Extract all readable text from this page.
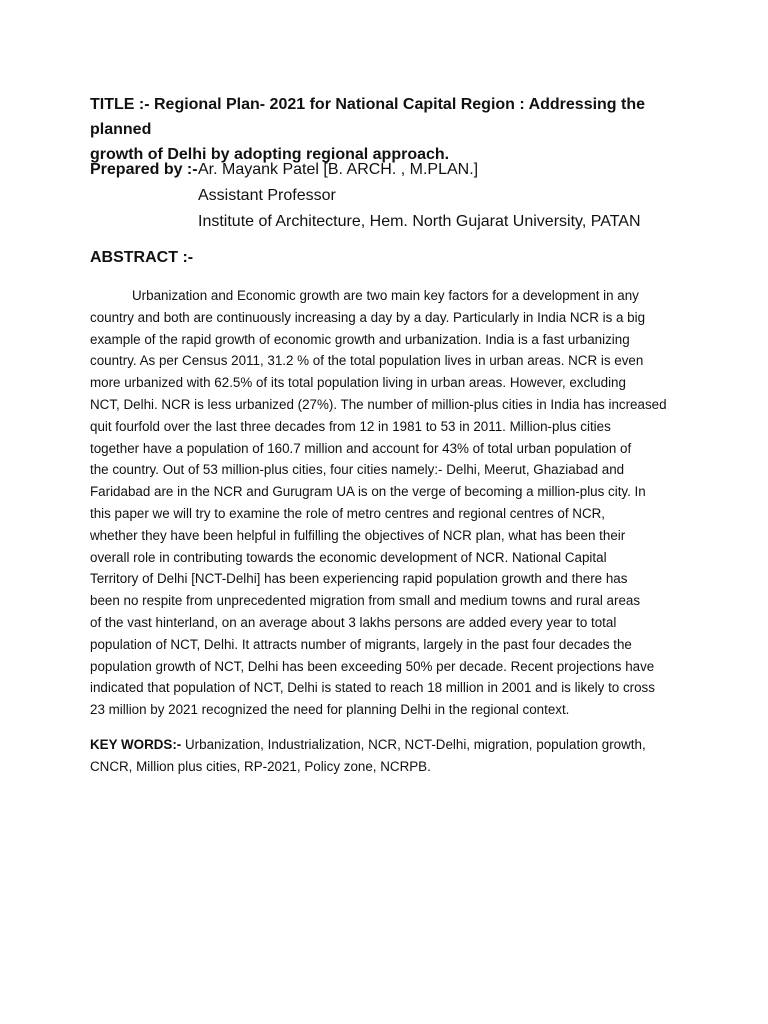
TITLE :- Regional Plan- 2021 for National Capital Region : Addressing the planned
growth of Delhi by adopting regional approach.
Prepared by :- Ar. Mayank Patel [B. ARCH. , M.PLAN.]
Assistant Professor
Institute of Architecture, Hem. North Gujarat University, PATAN
ABSTRACT :-
Urbanization and Economic growth are two main key factors for a development in any
country and both are continuously increasing a day by a day. Particularly in India NCR is a big
example of the rapid growth of economic growth and urbanization. India is a fast urbanizing
country. As per Census 2011, 31.2 % of the total population lives in urban areas. NCR is even
more urbanized with 62.5% of its total population living in urban areas. However, excluding
NCT, Delhi. NCR is less urbanized (27%). The number of million-plus cities in India has increased
quit fourfold over the last three decades from 12 in 1981 to 53 in 2011. Million-plus cities
together have a population of 160.7 million and account for 43% of total urban population of
the country. Out of 53 million-plus cities, four cities namely:- Delhi, Meerut, Ghaziabad and
Faridabad are in the NCR and Gurugram UA is on the verge of becoming a million-plus city. In
this paper we will try to examine the role of metro centres and regional centres of NCR,
whether they have been helpful in fulfilling the objectives of NCR plan, what has been their
overall role in contributing towards the economic development of NCR. National Capital
Territory of Delhi [NCT-Delhi] has been experiencing rapid population growth and there has
been no respite from unprecedented migration from small and medium towns and rural areas
of the vast hinterland, on an average about 3 lakhs persons are added every year to total
population of NCT, Delhi. It attracts number of migrants, largely in the past four decades the
population growth of NCT, Delhi has been exceeding 50% per decade. Recent projections have
indicated that population of NCT, Delhi is stated to reach 18 million in 2001 and is likely to cross
23 million by 2021 recognized the need for planning Delhi in the regional context.
KEY WORDS:- Urbanization, Industrialization, NCR, NCT-Delhi, migration, population growth,
CNCR, Million plus cities, RP-2021, Policy zone, NCRPB.
